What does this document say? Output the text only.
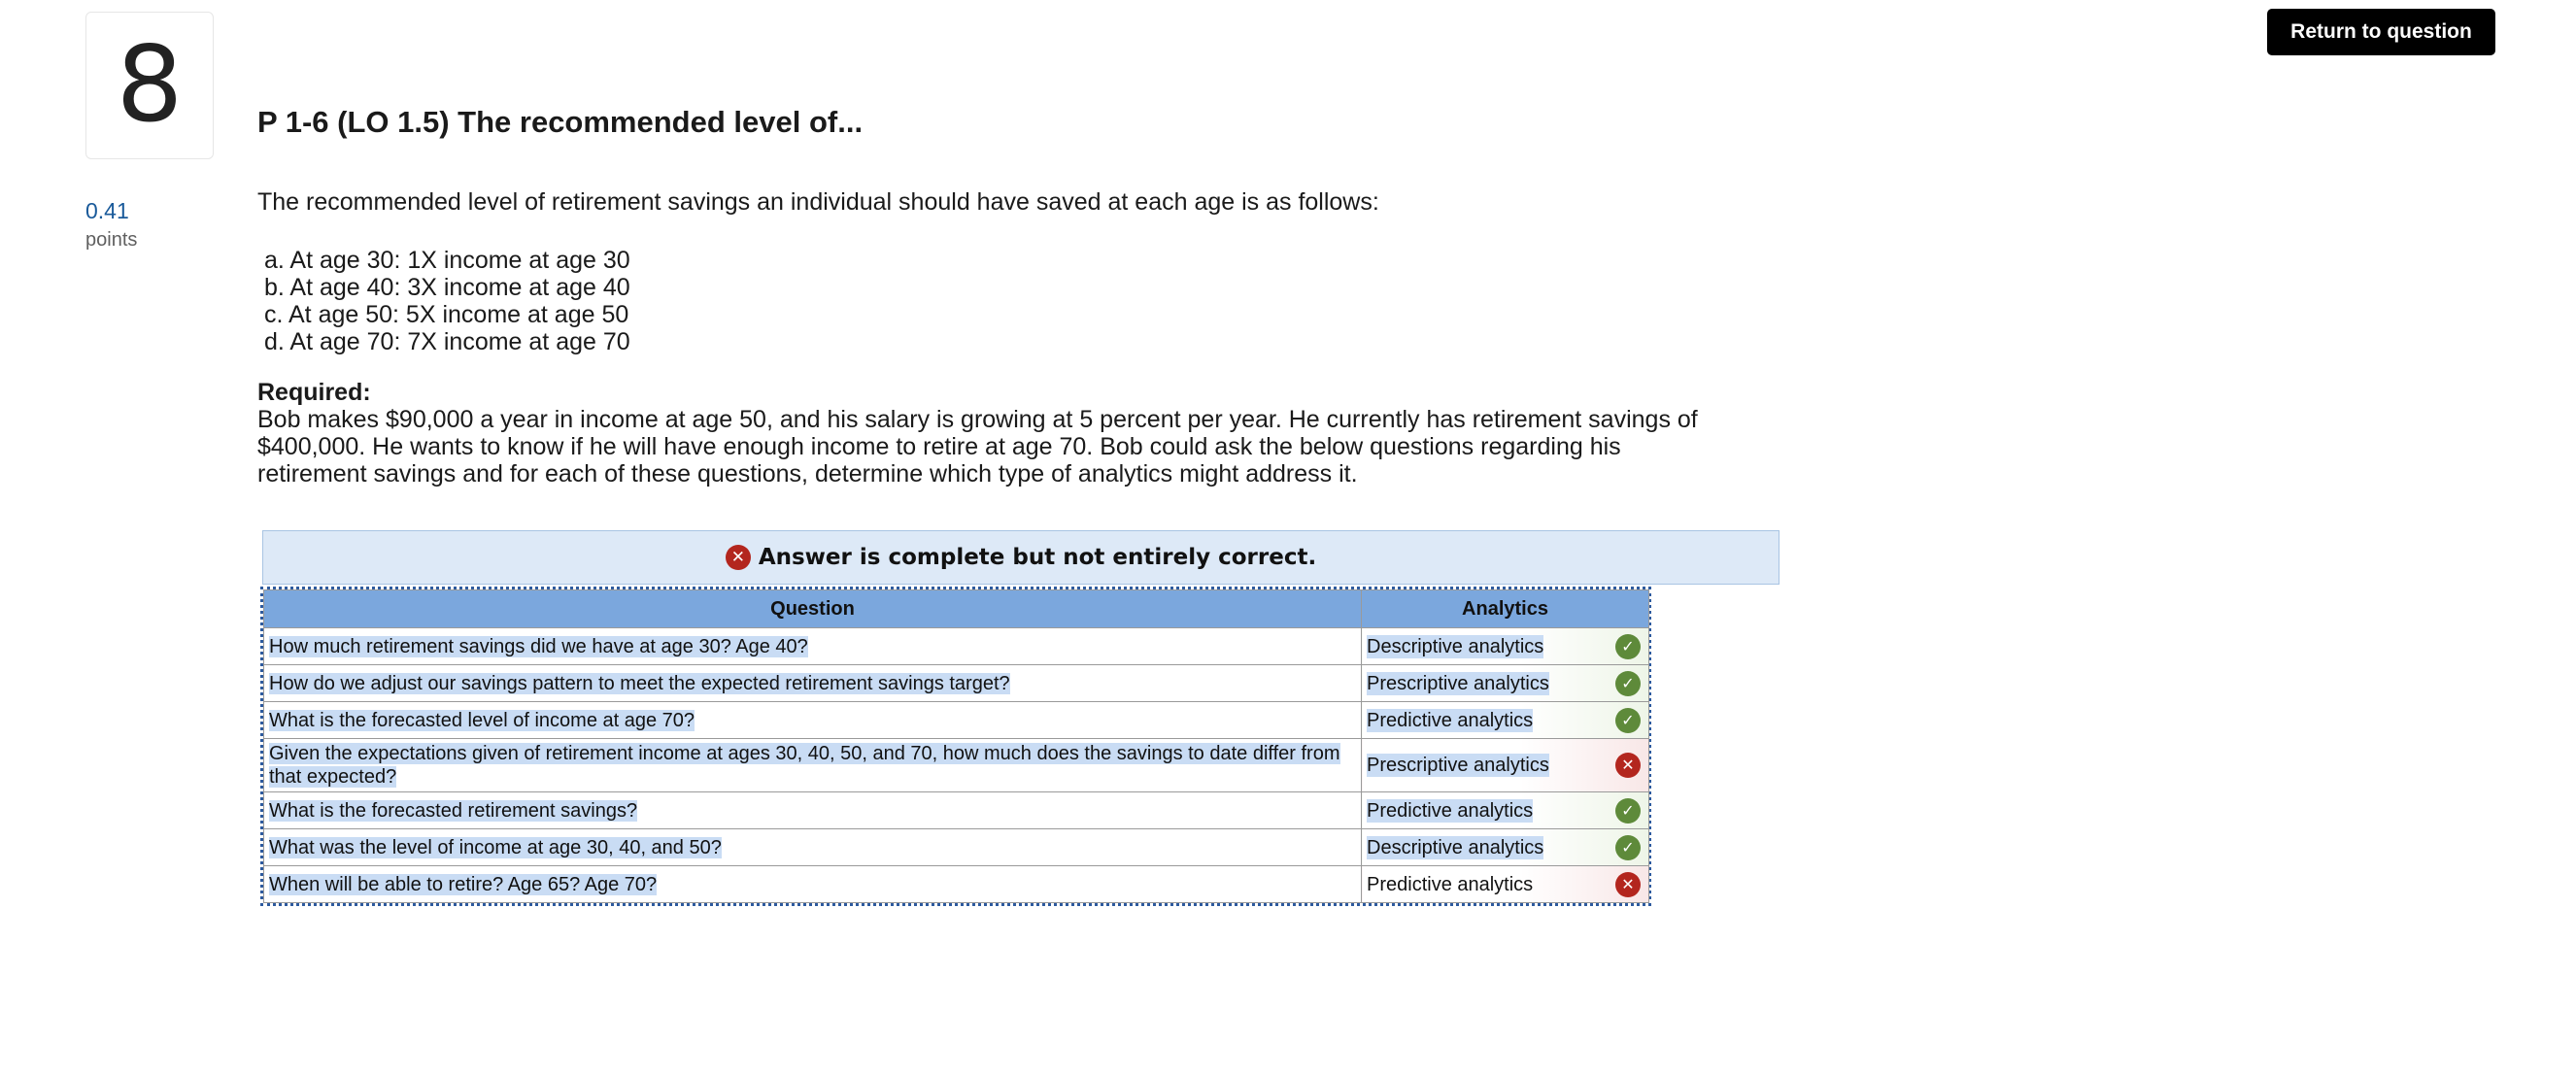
8
0.41
points
Return to question
P 1-6 (LO 1.5) The recommended level of...

The recommended level of retirement savings an individual should have saved at each age is as follows:

a. At age 30: 1X income at age 30
b. At age 40: 3X income at age 40
c. At age 50: 5X income at age 50
d. At age 70: 7X income at age 70

Required:

Bob makes $90,000 a year in income at age 50, and his salary is growing at 5 percent per year. He currently has retirement savings of $400,000. He wants to know if he will have enough income to retire at age 70. Bob could ask the below questions regarding his retirement savings and for each of these questions, determine which type of analytics might address it.

✕ Answer is complete but not entirely correct.
Question	Analytics
How much retirement savings did we have at age 30? Age 40?	Descriptive analytics ✓

How do we adjust our savings pattern to meet the expected retirement savings target?	Prescriptive analytics ✓

What is the forecasted level of income at age 70?	Predictive analytics ✓

Given the expectations given of retirement income at ages 30, 40, 50, and 70, how much does the savings to date differ from that expected?	Prescriptive analytics ✕

What is the forecasted retirement savings?	Predictive analytics ✓

What was the level of income at age 30, 40, and 50?	Descriptive analytics ✓

When will be able to retire? Age 65? Age 70?	Predictive analytics ✕
